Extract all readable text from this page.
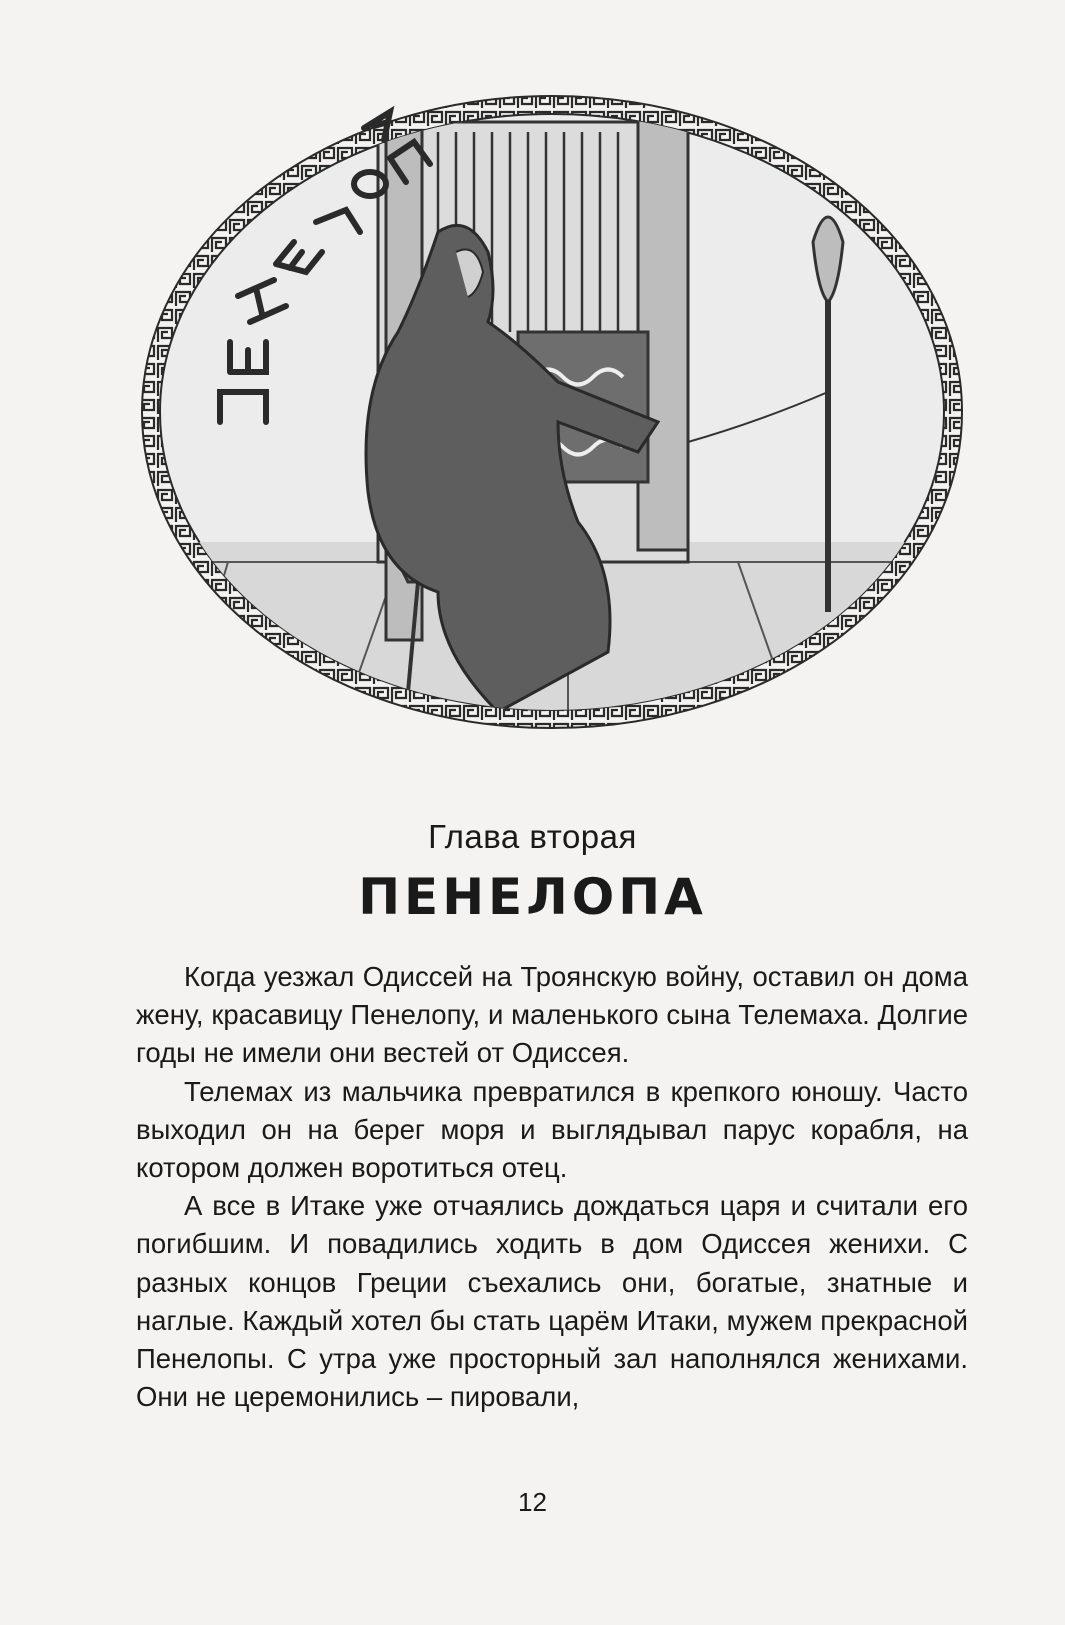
Глава вторая
ПЕНЕЛОПА

Когда уезжал Одиссей на Троянскую войну, оставил он дома жену, красавицу Пенелопу, и маленького сына Телемаха. Долгие годы не имели они вестей от Одиссея.

Телемах из мальчика превратился в крепкого юношу. Часто выходил он на берег моря и выглядывал парус корабля, на котором должен воротиться отец.

А все в Итаке уже отчаялись дождаться царя и считали его погибшим. И повадились ходить в дом Одиссея женихи. С разных концов Греции съехались они, богатые, знатные и наглые. Каждый хотел бы стать царём Итаки, мужем прекрасной Пенелопы. С утра уже просторный зал наполнялся женихами. Они не церемонились – пировали,

12
